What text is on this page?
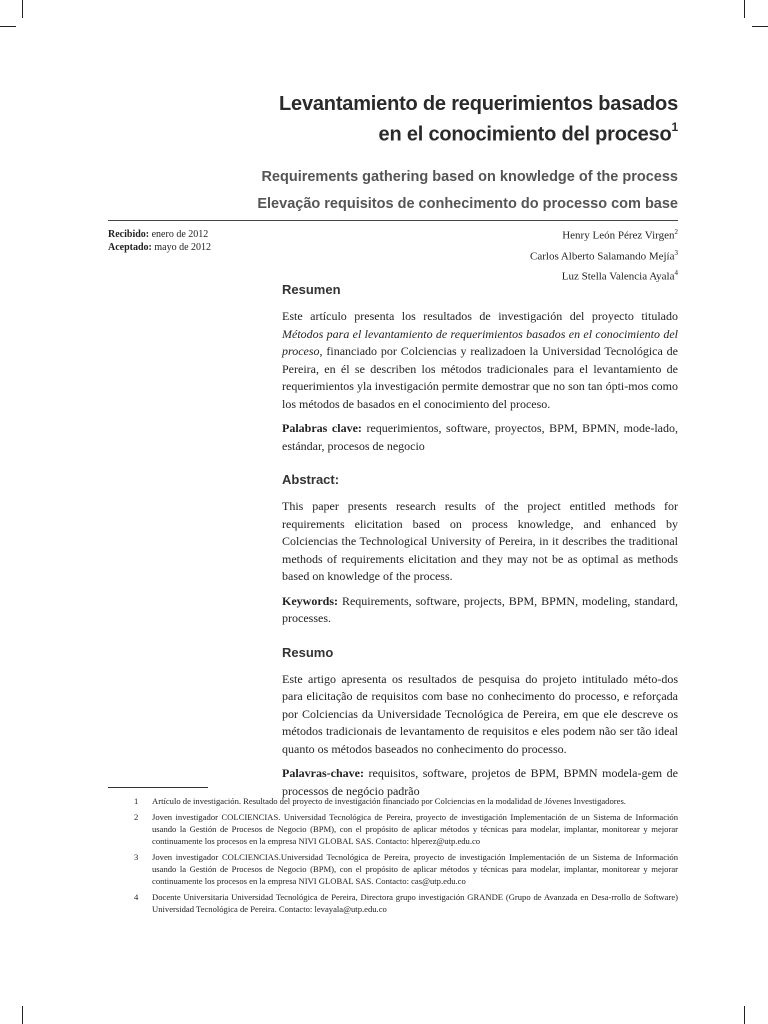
Levantamiento de requerimientos basados
en el conocimiento del proceso$^1$
Requirements gathering based on knowledge of the process
Elevação requisitos de conhecimento do processo com base
Recibido: enero de 2012
Aceptado: mayo de 2012
Henry León Pérez Virgen$^2$
Carlos Alberto Salamando Mejía$^3$
Luz Stella Valencia Ayala$^4$
Resumen

Este artículo presenta los resultados de investigación del proyecto titulado Métodos para el levantamiento de requerimientos basados en el conocimiento del proceso, financiado por Colciencias y realizadoen la Universidad Tecnológica de Pereira, en él se describen los métodos tradicionales para el levantamiento de requerimientos yla investigación permite demostrar que no son tan ópti-mos como los métodos de basados en el conocimiento del proceso.

Palabras clave: requerimientos, software, proyectos, BPM, BPMN, mode-lado, estándar, procesos de negocio

Abstract:

This paper presents research results of the project entitled methods for requirements elicitation based on process knowledge, and enhanced by Colciencias the Technological University of Pereira, in it describes the traditional methods of requirements elicitation and they may not be as optimal as methods based on knowledge of the process.

Keywords: Requirements, software, projects, BPM, BPMN, modeling, standard, processes.

Resumo

Este artigo apresenta os resultados de pesquisa do projeto intitulado méto-dos para elicitação de requisitos com base no conhecimento do processo, e reforçada por Colciencias da Universidade Tecnológica de Pereira, em que ele descreve os métodos tradicionais de levantamento de requisitos e eles podem não ser tão ideal quanto os métodos baseados no conhecimento do processo.

Palavras-chave: requisitos, software, projetos de BPM, BPMN modela-gem de processos de negócio padrão

1 Artículo de investigación. Resultado del proyecto de investigación financiado por Colciencias en la modalidad de Jóvenes Investigadores.
2 Joven investigador COLCIENCIAS. Universidad Tecnológica de Pereira, proyecto de investigación Implementación de un Sistema de Información usando la Gestión de Procesos de Negocio (BPM), con el propósito de aplicar métodos y técnicas para modelar, implantar, monitorear y mejorar continuamente los procesos en la empresa NIVI GLOBAL SAS. Contacto: hlperez@utp.edu.co
3 Joven investigador COLCIENCIAS.Universidad Tecnológica de Pereira, proyecto de investigación Implementación de un Sistema de Información usando la Gestión de Procesos de Negocio (BPM), con el propósito de aplicar métodos y técnicas para modelar, implantar, monitorear y mejorar continuamente los procesos en la empresa NIVI GLOBAL SAS. Contacto: cas@utp.edu.co
4 Docente Universitaria Universidad Tecnológica de Pereira, Directora grupo investigación GRANDE (Grupo de Avanzada en Desa-rrollo de Software) Universidad Tecnológica de Pereira. Contacto: levayala@utp.edu.co
